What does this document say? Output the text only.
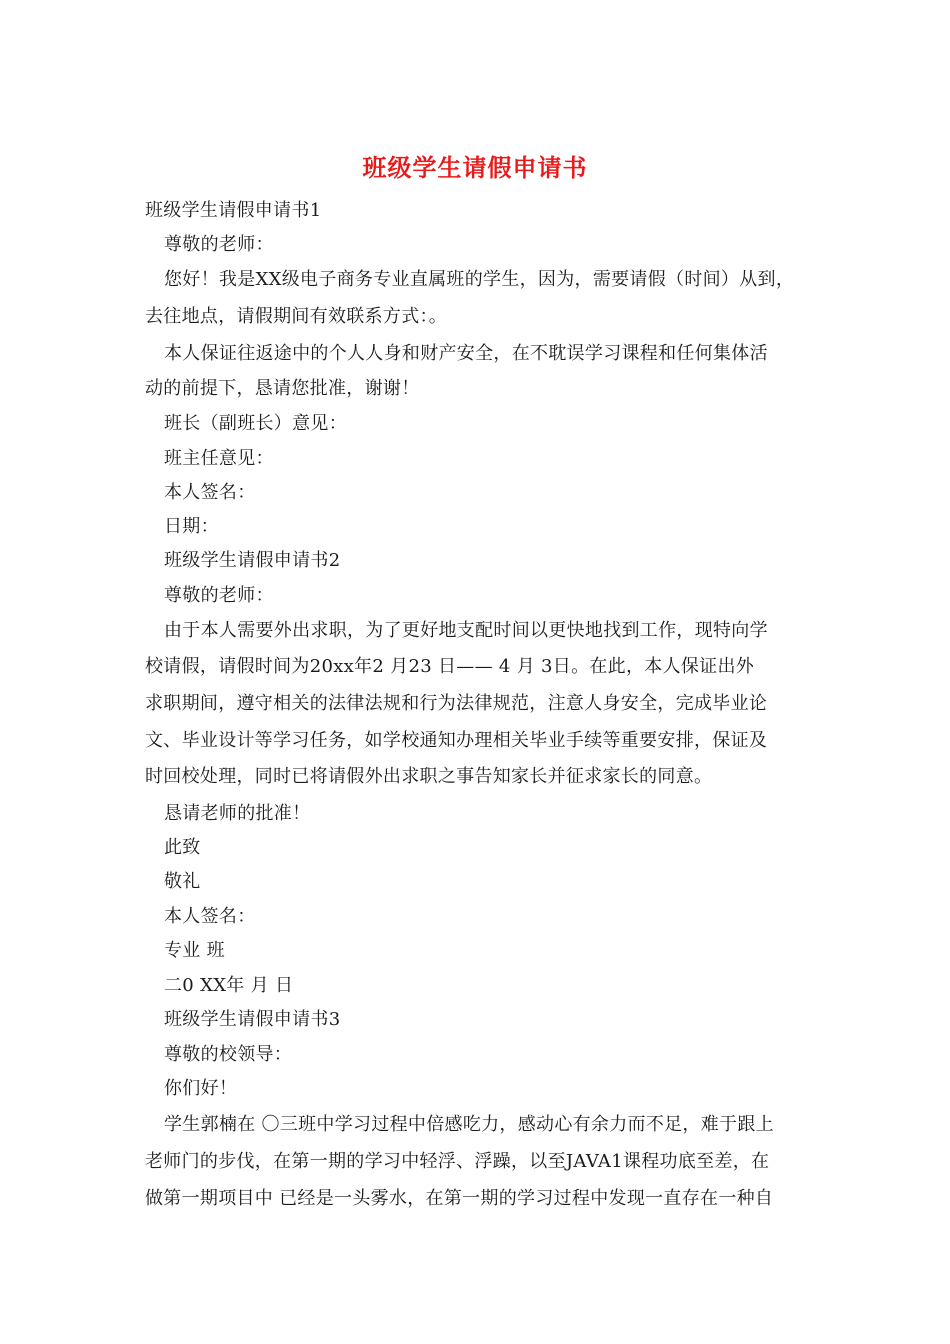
班级学生请假申请书
班级学生请假申请书1
尊敬的老师：
您好！我是XX级电子商务专业直属班的学生，因为，需要请假（时间）从到，
去往地点，请假期间有效联系方式：。
本人保证往返途中的个人人身和财产安全，在不耽误学习课程和任何集体活
动的前提下，恳请您批准，谢谢！
班长（副班长）意见：
班主任意见：
本人签名：
日期：
班级学生请假申请书2
尊敬的老师：
由于本人需要外出求职，为了更好地支配时间以更快地找到工作，现特向学
校请假，请假时间为20xx年2 月23 日—— 4 月 3日。在此，本人保证出外
求职期间，遵守相关的法律法规和行为法律规范，注意人身安全，完成毕业论
文、毕业设计等学习任务，如学校通知办理相关毕业手续等重要安排，保证及
时回校处理，同时已将请假外出求职之事告知家长并征求家长的同意。
恳请老师的批准！
此致
敬礼
本人签名：
专业 班
二0 XX年 月 日
班级学生请假申请书3
尊敬的校领导：
你们好！
学生郭楠在 〇三班中学习过程中倍感吃力，感动心有余力而不足，难于跟上
老师门的步伐，在第一期的学习中轻浮、浮躁，以至JAVA1课程功底至差，在
做第一期项目中 已经是一头雾水，在第一期的学习过程中发现一直存在一种自
